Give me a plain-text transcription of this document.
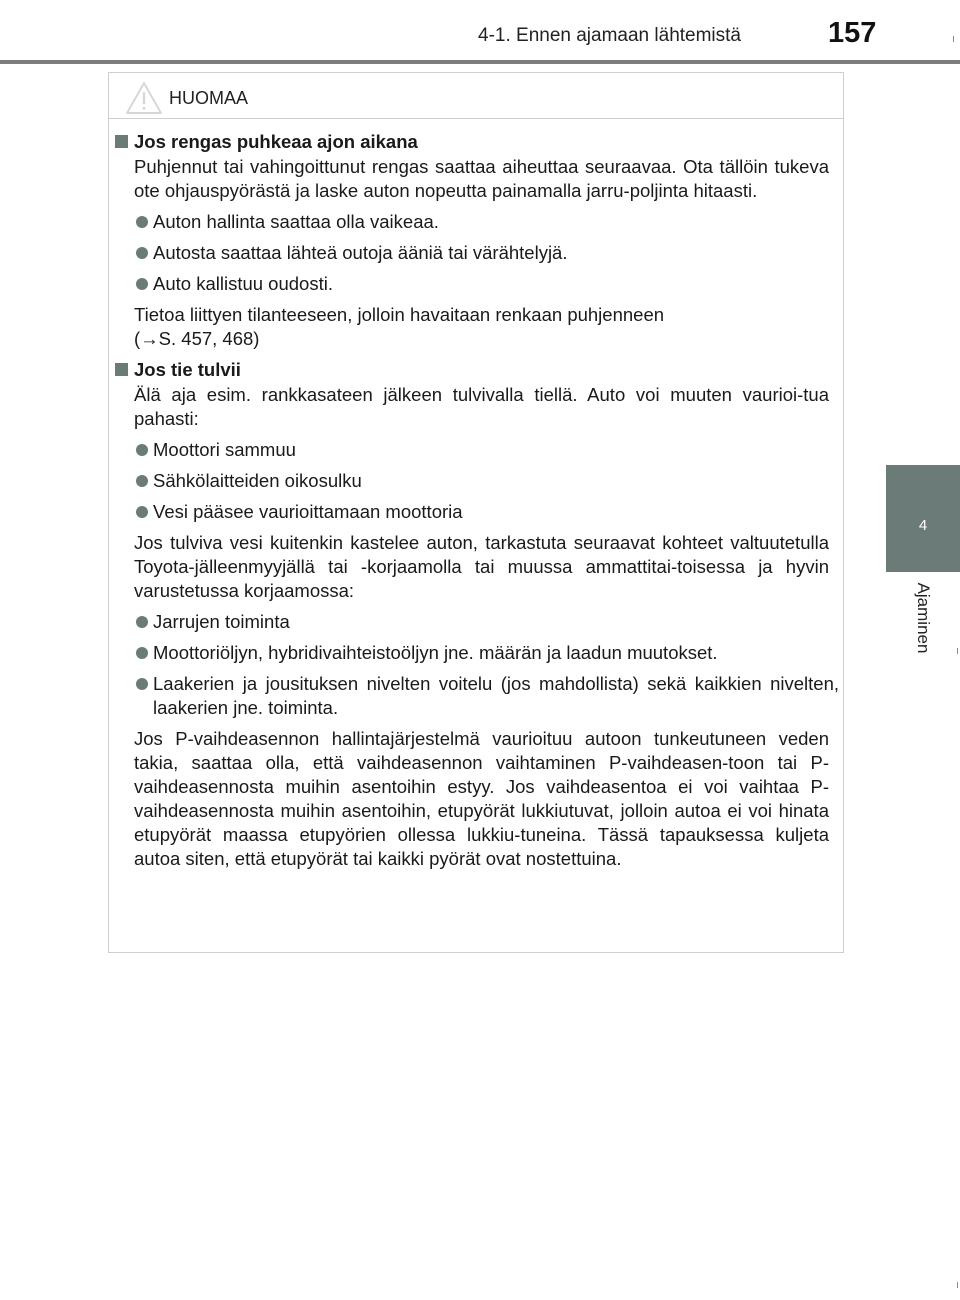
4-1. Ennen ajamaan lähtemistä	157
4
Ajaminen
HUOMAA
Jos rengas puhkeaa ajon aikana

Puhjennut tai vahingoittunut rengas saattaa aiheuttaa seuraavaa. Ota tällöin tukeva ote ohjauspyörästä ja laske auton nopeutta painamalla jarru-poljinta hitaasti.

Auton hallinta saattaa olla vaikeaa.
Autosta saattaa lähteä outoja ääniä tai värähtelyjä.
Auto kallistuu oudosti.

Tietoa liittyen tilanteeseen, jolloin havaitaan renkaan puhjenneen
(→S. 457, 468)

Jos tie tulvii

Älä aja esim. rankkasateen jälkeen tulvivalla tiellä. Auto voi muuten vaurioi-tua pahasti:

Moottori sammuu
Sähkölaitteiden oikosulku
Vesi pääsee vaurioittamaan moottoria

Jos tulviva vesi kuitenkin kastelee auton, tarkastuta seuraavat kohteet valtuutetulla Toyota-jälleenmyyjällä tai -korjaamolla tai muussa ammattitai-toisessa ja hyvin varustetussa korjaamossa:

Jarrujen toiminta
Moottoriöljyn, hybridivaihteistoöljyn jne. määrän ja laadun muutokset.
Laakerien ja jousituksen nivelten voitelu (jos mahdollista) sekä kaikkien nivelten, laakerien jne. toiminta.

Jos P-vaihdeasennon hallintajärjestelmä vaurioituu autoon tunkeutuneen veden takia, saattaa olla, että vaihdeasennon vaihtaminen P-vaihdeasen-toon tai P-vaihdeasennosta muihin asentoihin estyy. Jos vaihdeasentoa ei voi vaihtaa P-vaihdeasennosta muihin asentoihin, etupyörät lukkiutuvat, jolloin autoa ei voi hinata etupyörät maassa etupyörien ollessa lukkiu-tuneina. Tässä tapauksessa kuljeta autoa siten, että etupyörät tai kaikki pyörät ovat nostettuina.
